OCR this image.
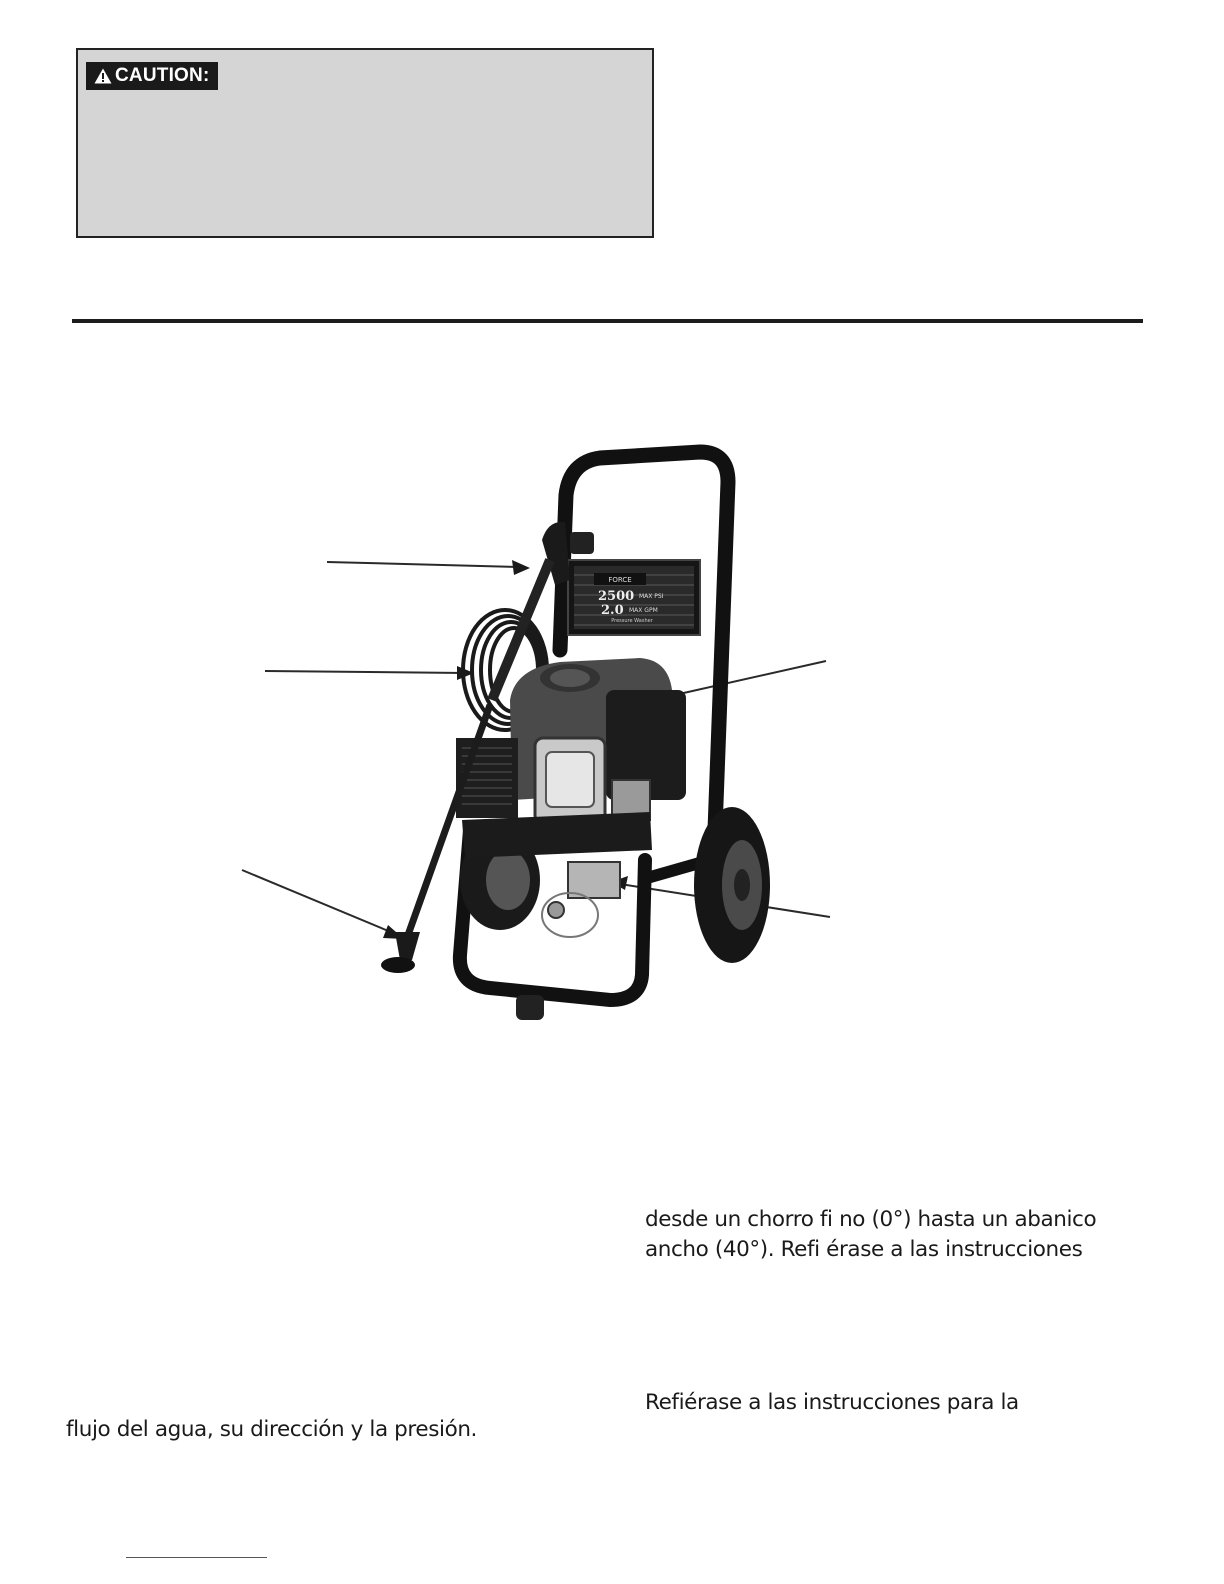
CAUTION:
FORCE
2500 MAX PSI
2.0 MAX GPM
Pressure Washer
desde un chorro fi no (0°) hasta un abanico
ancho (40°). Refi érase a las instrucciones
Refiérase a las instrucciones para la
flujo del agua, su dirección y la presión.
